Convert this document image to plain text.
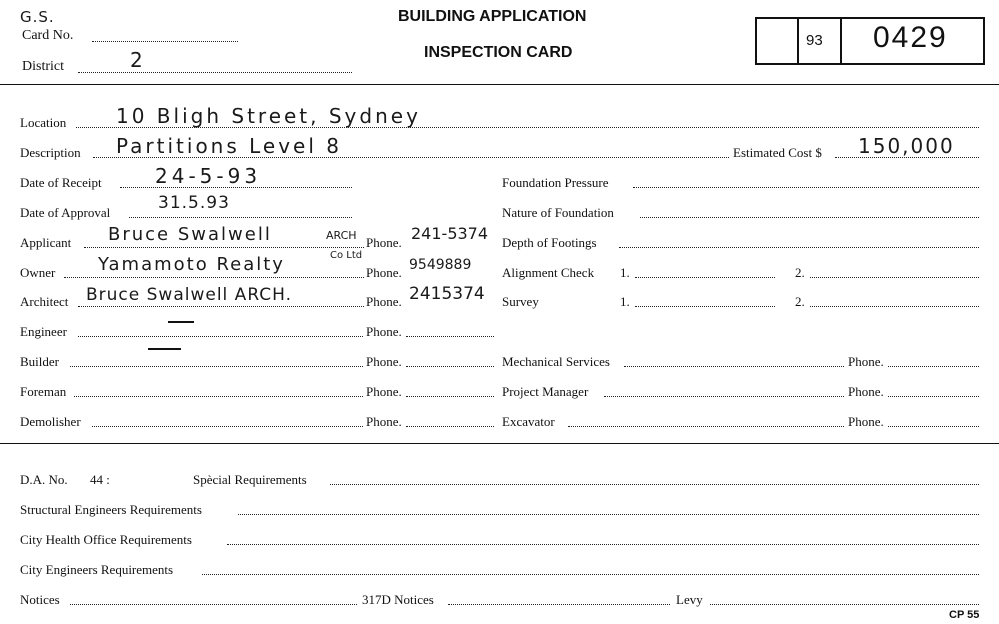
G.S.
Card No.
District	2
BUILDING APPLICATION
INSPECTION CARD
93 0429
Location 10 Bligh Street, Sydney
Description Partitions Level 8	Estimated Cost $ 150,000
Date of Receipt	24-5-93
Date of Approval	31.5.93
Applicant Bruce Swalwell	ARCH Phone. 241-5374
Owner Yamamoto Realty	Co Ltd
Phone. 9549889
Architect Bruce Swalwell ARCH.	Phone. 2415374
Engineer	Phone.
Builder	Phone.
Foreman	Phone.
Demolisher	Phone.
Foundation Pressure
Nature of Foundation
Depth of Footings
Alignment Check 1.	2.
Survey	1.	2.
Mechanical Services	Phone.
Project Manager	Phone.
Excavator	Phone.
D.A. No. 44 :	Spècial Requirements
Structural Engineers Requirements
City Health Office Requirements
City Engineers Requirements
Notices	317D Notices	Levy
CP 55
